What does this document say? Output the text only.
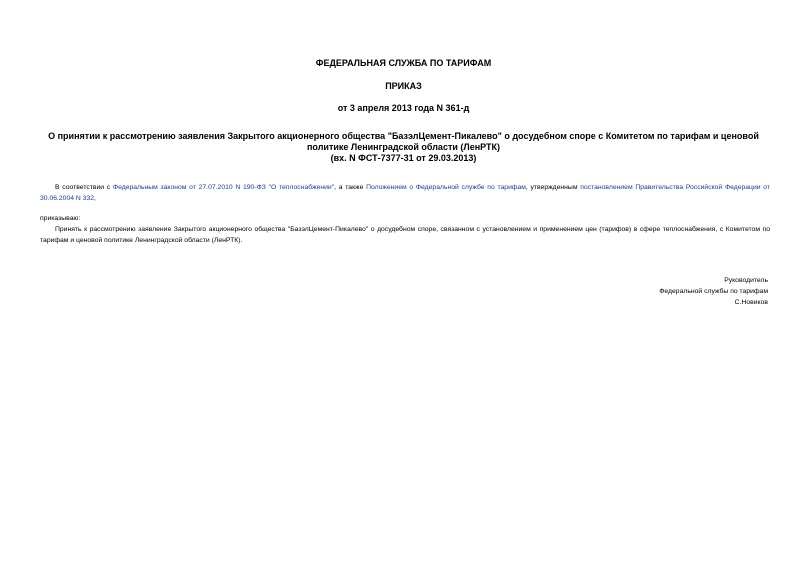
ФЕДЕРАЛЬНАЯ СЛУЖБА ПО ТАРИФАМ
ПРИКАЗ
от 3 апреля 2013 года N 361-д
О принятии к рассмотрению заявления Закрытого акционерного общества "БазэлЦемент-Пикалево" о досудебном споре с Комитетом по тарифам и ценовой
политике Ленинградской области (ЛенРТК)
(вх. N ФСТ-7377-31 от 29.03.2013)
В соответствии с Федеральным законом от 27.07.2010 N 190-ФЗ "О теплоснабжении", а также Положением о Федеральной службе по тарифам, утвержденным постановлением Правительства Российской Федерации от 30.06.2004 N 332,
приказываю:
Принять к рассмотрению заявление Закрытого акционерного общества "БазэлЦемент-Пикалево" о досудебном споре, связанном с установлением и применением цен (тарифов) в сфере теплоснабжения, с Комитетом по тарифам и ценовой политике Ленинградской области (ЛенРТК).
Руководитель
Федеральной службы по тарифам
С.Новиков
